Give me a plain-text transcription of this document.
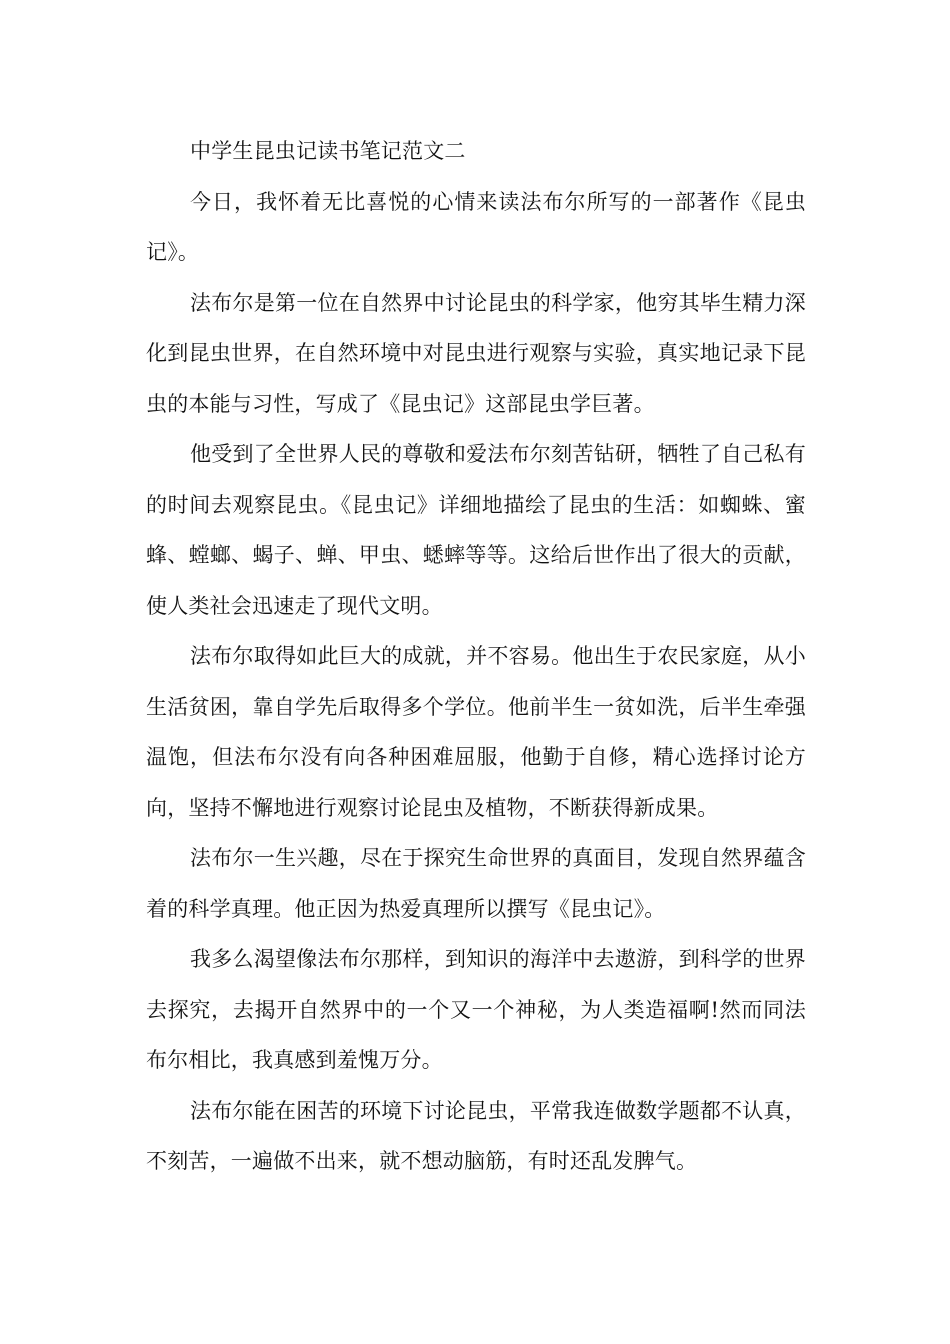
中学生昆虫记读书笔记范文二

今日，我怀着无比喜悦的心情来读法布尔所写的一部著作《昆虫记》。

法布尔是第一位在自然界中讨论昆虫的科学家，他穷其毕生精力深化到昆虫世界，在自然环境中对昆虫进行观察与实验，真实地记录下昆虫的本能与习性，写成了《昆虫记》这部昆虫学巨著。

他受到了全世界人民的尊敬和爱法布尔刻苦钻研，牺牲了自己私有的时间去观察昆虫。《昆虫记》详细地描绘了昆虫的生活：如蜘蛛、蜜蜂、螳螂、蝎子、蝉、甲虫、蟋蟀等等。这给后世作出了很大的贡献，使人类社会迅速走了现代文明。

法布尔取得如此巨大的成就，并不容易。他出生于农民家庭，从小生活贫困，靠自学先后取得多个学位。他前半生一贫如洗，后半生牵强温饱，但法布尔没有向各种困难屈服，他勤于自修，精心选择讨论方向，坚持不懈地进行观察讨论昆虫及植物，不断获得新成果。

法布尔一生兴趣，尽在于探究生命世界的真面目，发现自然界蕴含着的科学真理。他正因为热爱真理所以撰写《昆虫记》。

我多么渴望像法布尔那样，到知识的海洋中去遨游，到科学的世界去探究，去揭开自然界中的一个又一个神秘，为人类造福啊!然而同法布尔相比，我真感到羞愧万分。

法布尔能在困苦的环境下讨论昆虫，平常我连做数学题都不认真，不刻苦，一遍做不出来，就不想动脑筋，有时还乱发脾气。
